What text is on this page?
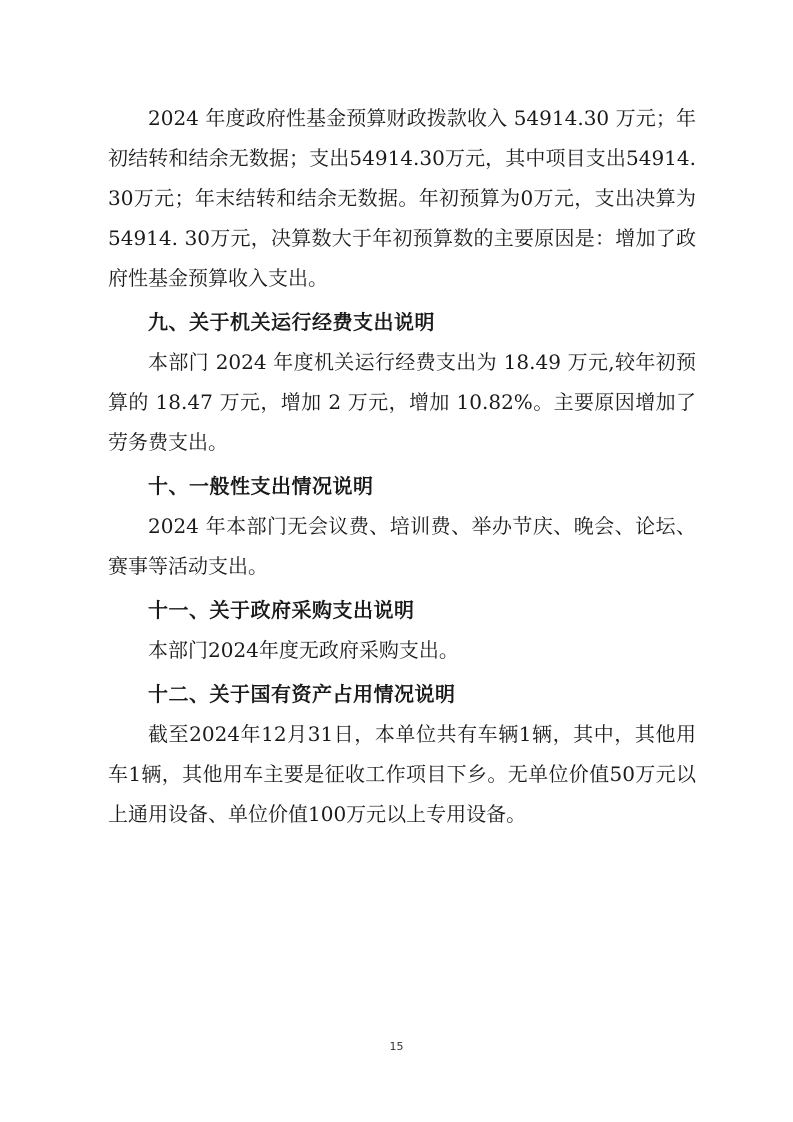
2024 年度政府性基金预算财政拨款收入 54914.30 万元；年初结转和结余无数据；支出54914.30万元，其中项目支出54914.30万元；年末结转和结余无数据。年初预算为0万元，支出决算为54914. 30万元，决算数大于年初预算数的主要原因是：增加了政府性基金预算收入支出。

九、关于机关运行经费支出说明

本部门 2024 年度机关运行经费支出为 18.49 万元,较年初预算的 18.47 万元，增加 2 万元，增加 10.82%。主要原因增加了劳务费支出。

十、一般性支出情况说明

2024 年本部门无会议费、培训费、举办节庆、晚会、论坛、赛事等活动支出。

十一、关于政府采购支出说明

本部门2024年度无政府采购支出。

十二、关于国有资产占用情况说明

截至2024年12月31日，本单位共有车辆1辆，其中，其他用车1辆，其他用车主要是征收工作项目下乡。无单位价值50万元以上通用设备、单位价值100万元以上专用设备。

15
